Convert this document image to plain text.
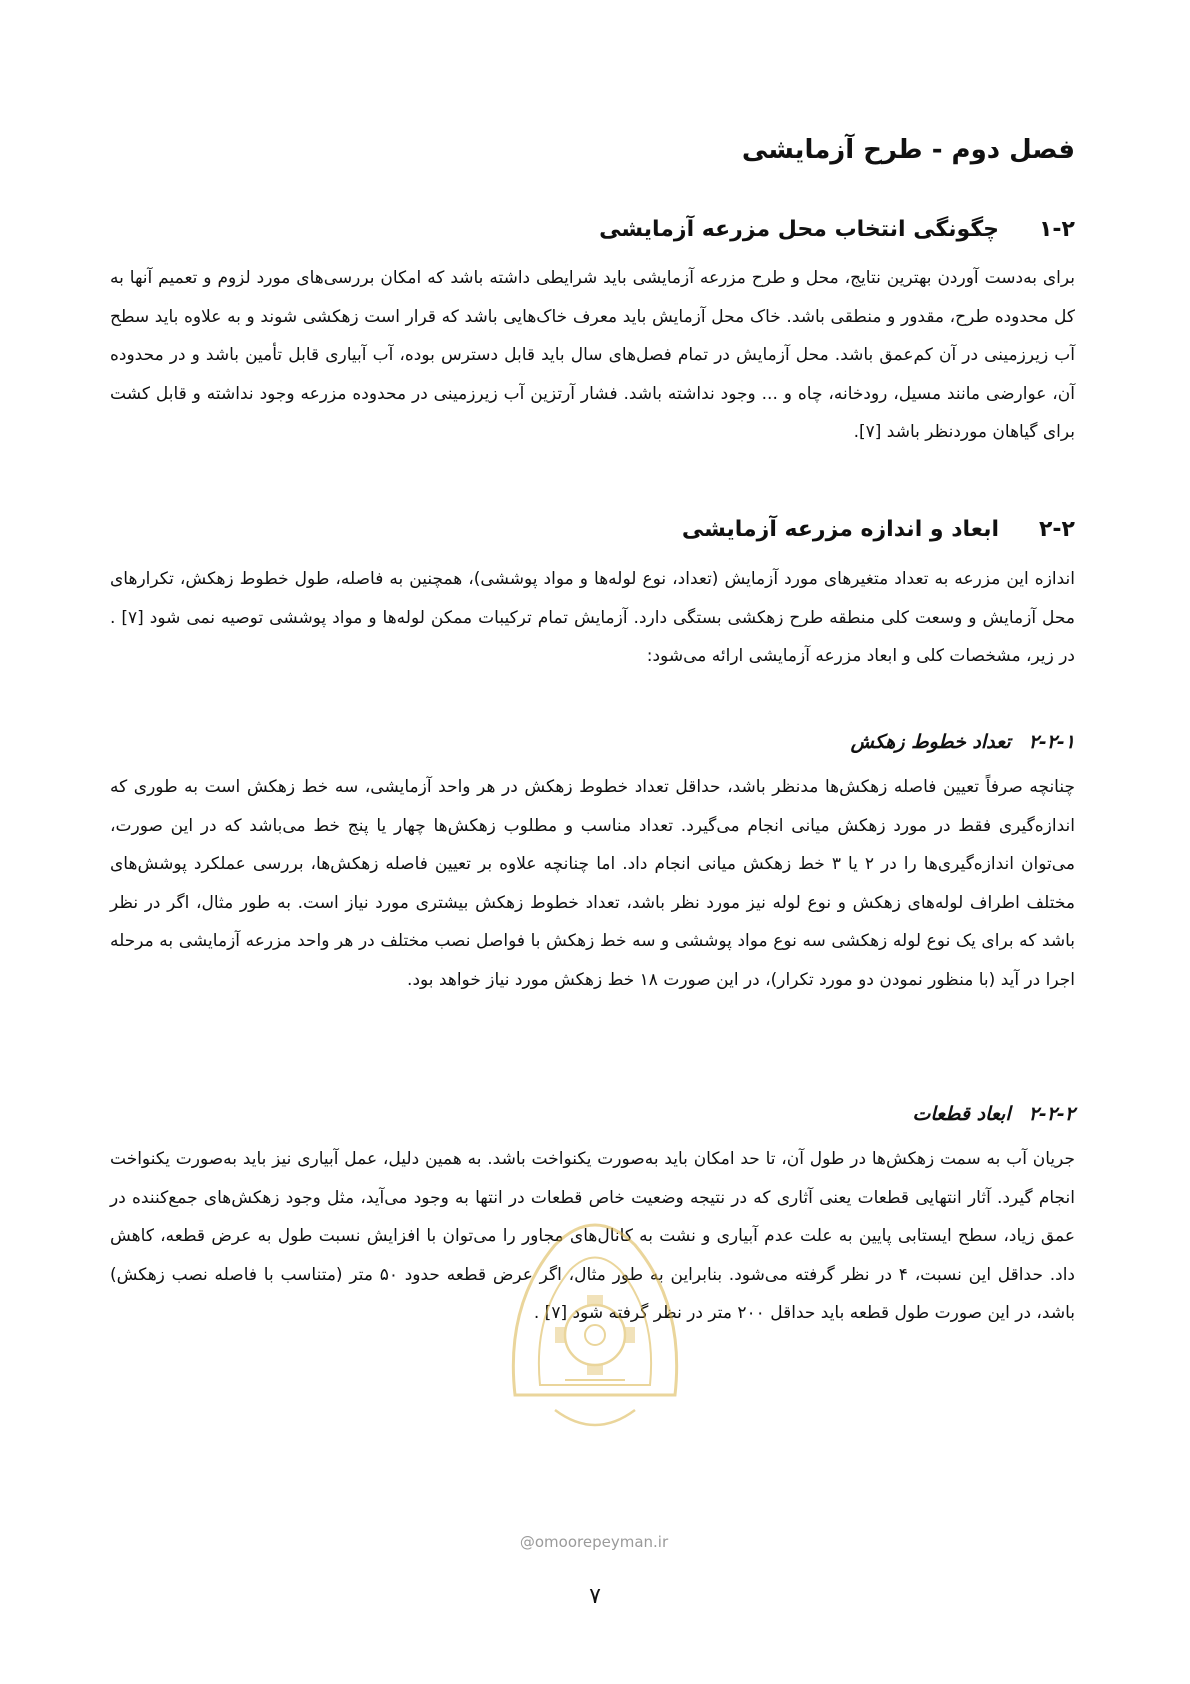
فصل دوم - طرح آزمایشی
۱-۲چگونگی انتخاب محل مزرعه آزمایشی
برای به‌دست آوردن بهترین نتایج، محل و طرح مزرعه آزمایشی باید شرایطی داشته باشد که امکان بررسی‌های مورد لزوم و تعمیم آنها به کل محدوده طرح، مقدور و منطقی باشد. خاک محل آزمایش باید معرف خاک‌هایی باشد که قرار است زهکشی شوند و به علاوه باید سطح آب زیرزمینی در آن کم‌عمق باشد. محل آزمایش در تمام فصل‌های سال باید قابل دسترس بوده، آب آبیاری قابل تأمین باشد و در محدوده آن، عوارضی مانند مسیل، رودخانه، چاه و ... وجود نداشته باشد. فشار آرتزین آب زیرزمینی در محدوده مزرعه وجود نداشته و قابل کشت برای گیاهان موردنظر باشد [۷].
۲-۲ابعاد و اندازه مزرعه آزمایشی
اندازه این مزرعه به تعداد متغیرهای مورد آزمایش (تعداد، نوع لوله‌ها و مواد پوششی)، همچنین به فاصله، طول خطوط زهکش، تکرارهای محل آزمایش و وسعت کلی منطقه طرح زهکشی بستگی دارد. آزمایش تمام ترکیبات ممکن لوله‌ها و مواد پوششی توصیه نمی شود [۷] . در زیر، مشخصات کلی و ابعاد مزرعه آزمایشی ارائه می‌شود:
۲-۲-۱تعداد خطوط زهکش
چنانچه صرفاً تعیین فاصله زهکش‌ها مدنظر باشد، حداقل تعداد خطوط زهکش در هر واحد آزمایشی، سه خط زهکش است به طوری که اندازه‌گیری فقط در مورد زهکش میانی انجام می‌گیرد. تعداد مناسب و مطلوب زهکش‌ها چهار یا پنج خط می‌باشد که در این صورت، می‌توان اندازه‌گیری‌ها را در ۲ یا ۳ خط زهکش میانی انجام داد. اما چنانچه علاوه بر تعیین فاصله زهکش‌ها، بررسی عملکرد پوشش‌های مختلف اطراف لوله‌های زهکش و نوع لوله نیز مورد نظر باشد، تعداد خطوط زهکش بیشتری مورد نیاز است. به طور مثال، اگر در نظر باشد که برای یک نوع لوله زهکشی سه نوع مواد پوششی و سه خط زهکش با فواصل نصب مختلف در هر واحد مزرعه آزمایشی به مرحله اجرا در آید (با منظور نمودن دو مورد تکرار)، در این صورت ۱۸ خط زهکش مورد نیاز خواهد بود.
۲-۲-۲ابعاد قطعات
جریان آب به سمت زهکش‌ها در طول آن، تا حد امکان باید به‌صورت یکنواخت باشد. به همین دلیل، عمل آبیاری نیز باید به‌صورت یکنواخت انجام گیرد. آثار انتهایی قطعات یعنی آثاری که در نتیجه وضعیت خاص قطعات در انتها به وجود می‌آید، مثل وجود زهکش‌های جمع‌کننده در عمق زیاد، سطح ایستابی پایین به علت عدم آبیاری و نشت به کانال‌های مجاور را می‌توان با افزایش نسبت طول به عرض قطعه، کاهش داد. حداقل این نسبت، ۴ در نظر گرفته می‌شود. بنابراین به طور مثال، اگر عرض قطعه حدود ۵۰ متر (متناسب با فاصله نصب زهکش) باشد، در این صورت طول قطعه باید حداقل ۲۰۰ متر در نظر گرفته شود [۷] .
@omoorepeyman.ir
۷
